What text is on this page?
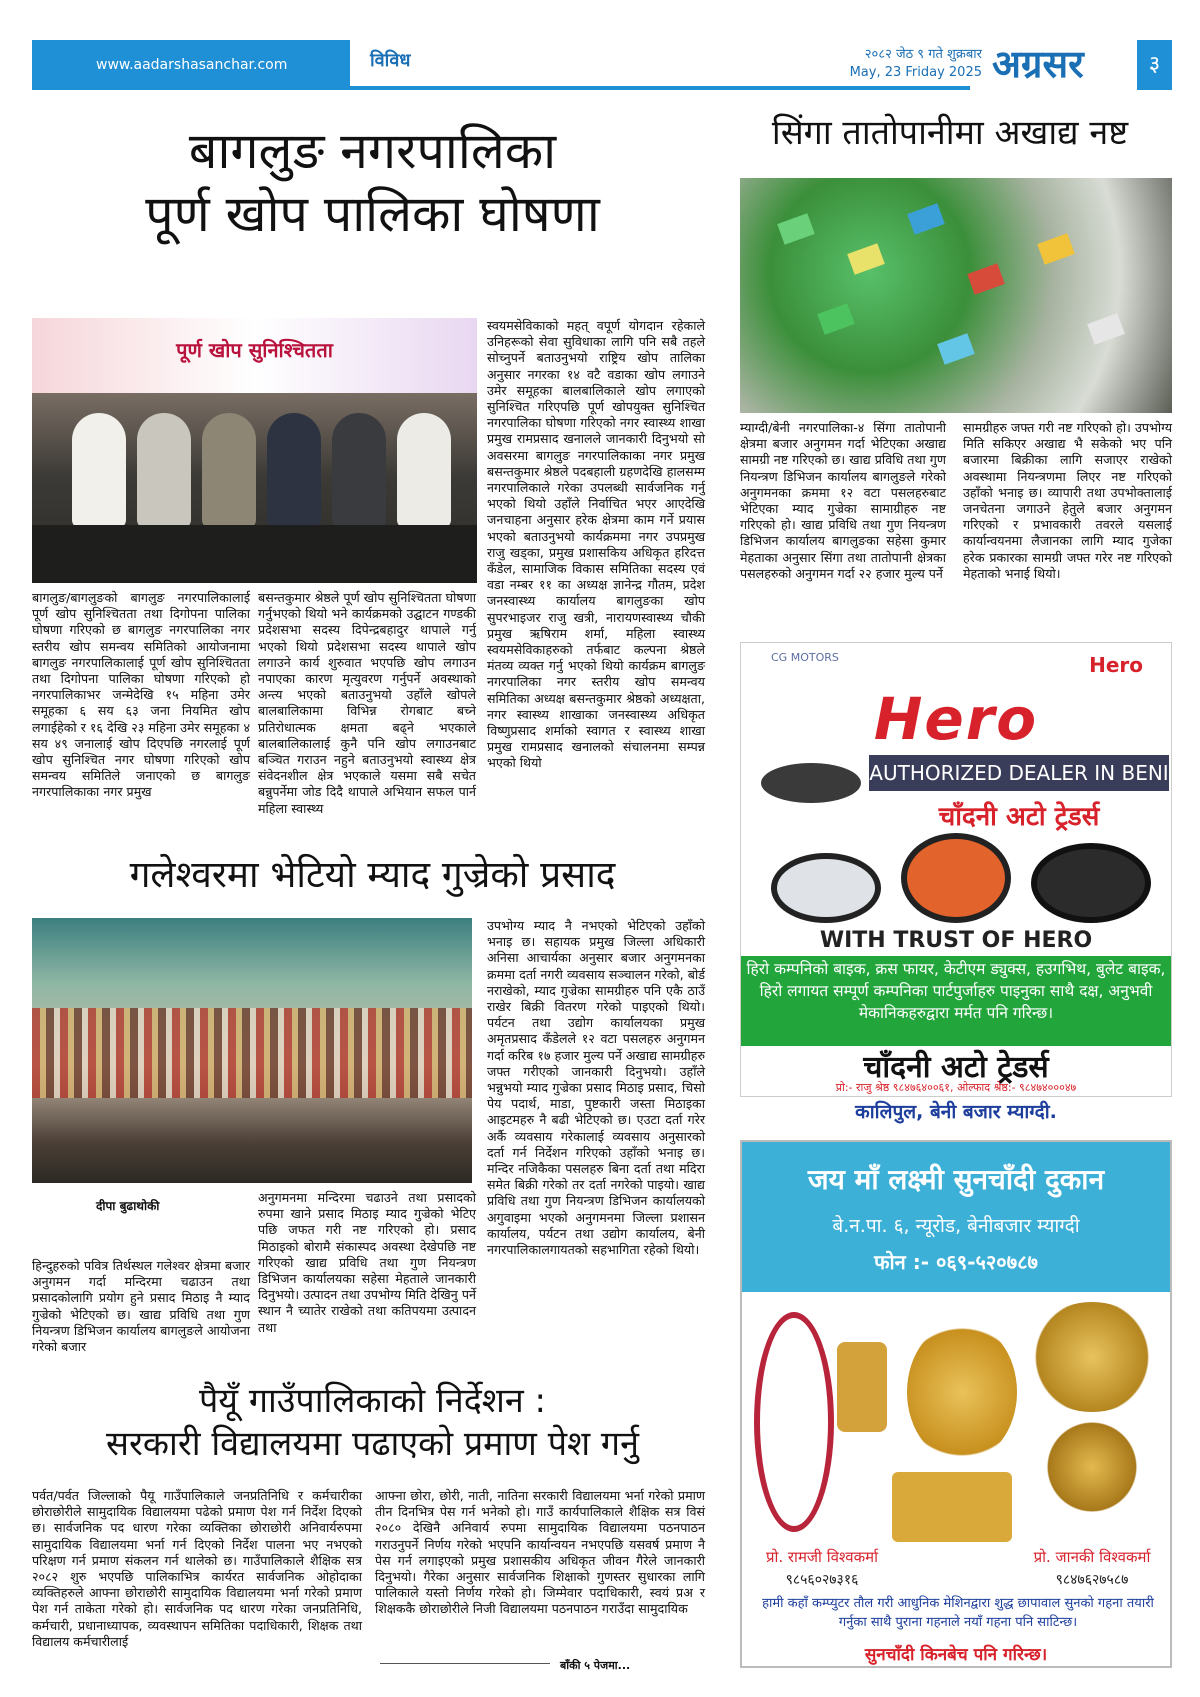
www.aadarshasanchar.com	विविध	२०८२ जेठ ९ गते शुक्रबार
May, 23 Friday 2025 अग्रसर	३
बागलुङ नगरपालिका
पूर्ण खोप पालिका घोषणा
पूर्ण खोप सुनिश्चितता
बागलुङ/बागलुङको बागलुङ नगरपालिकालाई पूर्ण खोप सुनिश्चितता तथा दिगोपना पालिका घोषणा गरिएको छ बागलुङ नगरपालिका नगर स्तरीय खोप समन्वय समितिको आयोजनामा बागलुङ नगरपालिकालाई पूर्ण खोप सुनिश्चितता तथा दिगोपना पालिका घोषणा गरिएको हो नगरपालिकाभर जन्मेदेखि १५ महिना उमेर समूहका ६ सय ६३ जना नियमित खोप लगाईहेको र १६ देखि २३ महिना उमेर समूहका ४ सय ४९ जनालाई खोप दिएपछि नगरलाई पूर्ण खोप सुनिश्चित नगर घोषणा गरिएको खोप समन्वय समितिले जनाएको छ बागलुङ नगरपालिकाका नगर प्रमुख
बसन्तकुमार श्रेष्ठले पूर्ण खोप सुनिश्चितता घोषणा गर्नुभएको थियो भने कार्यक्रमको उद्घाटन गण्डकी प्रदेशसभा सदस्य दिपेन्द्रबहादुर थापाले गर्नु भएको थियो प्रदेशसभा सदस्य थापाले खोप लगाउने कार्य शुरुवात भएपछि खोप लगाउन नपाएका कारण मृत्युवरण गर्नुपर्ने अवस्थाको अन्त्य भएको बताउनुभयो उहाँले खोपले बालबालिकामा विभिन्न रोगबाट बच्ने प्रतिरोधात्मक क्षमता बढ्ने भएकाले बालबालिकालाई कुनै पनि खोप लगाउनबाट बञ्चित गराउन नहुने बताउनुभयो स्वास्थ्य क्षेत्र संवेदनशील क्षेत्र भएकाले यसमा सबै सचेत बन्नुपर्नेमा जोड दिदै थापाले अभियान सफल पार्न महिला स्वास्थ्य
स्वयमसेविकाको महत् वपूर्ण योगदान रहेकाले उनिहरूको सेवा सुविधाका लागि पनि सबै तहले सोच्नुपर्ने बताउनुभयो राष्ट्रिय खोप तालिका अनुसार नगरका १४ वटै वडाका खोप लगाउने उमेर समूहका बालबालिकाले खोप लगाएको सुनिश्चित गरिएपछि पूर्ण खोपयुक्त सुनिश्चित नगरपालिका घोषणा गरिएको नगर स्वास्थ्य शाखा प्रमुख रामप्रसाद खनालले जानकारी दिनुभयो सो अवसरमा बागलुङ नगरपालिकाका नगर प्रमुख बसन्तकुमार श्रेष्ठले पदबहाली ग्रहणदेखि हालसम्म नगरपालिकाले गरेका उपलब्धी सार्वजनिक गर्नु भएको थियो उहाँले निर्वाचित भएर आएदेखि जनचाहना अनुसार हरेक क्षेत्रमा काम गर्ने प्रयास भएको बताउनुभयो कार्यक्रममा नगर उपप्रमुख राजु खड्का, प्रमुख प्रशासकिय अधिकृत हरिदत्त कँडेल, सामाजिक विकास समितिका सदस्य एवं वडा नम्बर ११ का अध्यक्ष ज्ञानेन्द्र गौतम, प्रदेश जनस्वास्थ्य कार्यालय बागलुङका खोप सुपरभाइजर राजु खत्री, नारायणस्वास्थ्य चौकी प्रमुख ऋषिराम शर्मा, महिला स्वास्थ्य स्वयमसेविकाहरुको तर्फबाट कल्पना श्रेष्ठले मंतव्य व्यक्त गर्नु भएको थियो कार्यक्रम बागलुङ नगरपालिका नगर स्तरीय खोप समन्वय समितिका अध्यक्ष बसन्तकुमार श्रेष्ठको अध्यक्षता, नगर स्वास्थ्य शाखाका जनस्वास्थ्य अधिकृत विष्णुप्रसाद शर्माको स्वागत र स्वास्थ्य शाखा प्रमुख रामप्रसाद खनालको संचालनमा सम्पन्न भएको थियो
सिंगा तातोपानीमा अखाद्य नष्ट
म्याग्दी/बेनी नगरपालिका-४ सिंगा तातोपानी क्षेत्रमा बजार अनुगमन गर्दा भेटिएका अखाद्य सामग्री नष्ट गरिएको छ। खाद्य प्रविधि तथा गुण नियन्त्रण डिभिजन कार्यालय बागलुङले गरेको अनुगमनका क्रममा १२ वटा पसलहरुबाट भेटिएका म्याद गुज्रेका सामाग्रीहरु नष्ट गरिएको हो। खाद्य प्रविधि तथा गुण नियन्त्रण डिभिजन कार्यालय बागलुङका सहेसा कुमार मेहताका अनुसार सिंगा तथा तातोपानी क्षेत्रका पसलहरुको अनुगमन गर्दा २२ हजार मुल्य पर्ने
सामग्रीहरु जफ्त गरी नष्ट गरिएको हो। उपभोग्य मिति सकिएर अखाद्य भै सकेको भए पनि बजारमा बिक्रीका लागि सजाएर राखेको अवस्थामा नियन्त्रणमा लिएर नष्ट गरिएको उहाँको भनाइ छ। व्यापारी तथा उपभोक्तालाई जनचेतना जगाउने हेतुले बजार अनुगमन गरिएको र प्रभावकारी तवरले यसलाई कार्यान्वयनमा लैजानका लागि म्याद गुजेका हरेक प्रकारका सामग्री जफ्त गरेर नष्ट गरिएको मेहताको भनाई थियो।
गलेश्वरमा भेटियो म्याद गुज्रेको प्रसाद
दीपा बुढाथोकी
हिन्दुहरुको पवित्र तिर्थस्थल गलेश्वर क्षेत्रमा बजार अनुगमन गर्दा मन्दिरमा चढाउन तथा प्रसादकोलागि प्रयोग हुने प्रसाद मिठाइ नै म्याद गुज्रेको भेटिएको छ। खाद्य प्रविधि तथा गुण नियन्त्रण डिभिजन कार्यालय बागलुङले आयोजना गरेको बजार
अनुगमनमा मन्दिरमा चढाउने तथा प्रसादको रुपमा खाने प्रसाद मिठाइ म्याद गुज्रेको भेटिए पछि जफत गरी नष्ट गरिएको हो। प्रसाद मिठाइको बोरामै संकास्पद अवस्था देखेपछि नष्ट गरिएको खाद्य प्रविधि तथा गुण नियन्त्रण डिभिजन कार्यालयका सहेसा मेहताले जानकारी दिनुभयो। उत्पादन तथा उपभोग्य मिति देखिनु पर्ने स्थान नै च्यातेर राखेको तथा कतिपयमा उत्पादन तथा
उपभोग्य म्याद नै नभएको भेटिएको उहाँको भनाइ छ। सहायक प्रमुख जिल्ला अधिकारी अनिसा आचार्यका अनुसार बजार अनुगमनका क्रममा दर्ता नगरी व्यवसाय सञ्चालन गरेको, बोर्ड नराखेको, म्याद गुज्रेका सामग्रीहरु पनि एकै ठाउँ राखेर बिक्री वितरण गरेको पाइएको थियो। पर्यटन तथा उद्योग कार्यालयका प्रमुख अमृतप्रसाद कँडेलले १२ वटा पसलहरु अनुगमन गर्दा करिब १७ हजार मुल्य पर्ने अखाद्य सामग्रीहरु जफ्त गरीएको जानकारी दिनुभयो। उहाँले भन्नुभयो म्याद गुज्रेका प्रसाद मिठाइ प्रसाद, चिसो पेय पदार्थ, माडा, पुष्टकारी जस्ता मिठाइका आइटमहरु नै बढी भेटिएको छ। एउटा दर्ता गरेर अर्कै व्यवसाय गरेकालाई व्यवसाय अनुसारको दर्ता गर्न निर्देशन गरिएको उहाँको भनाइ छ। मन्दिर नजिकैका पसलहरु बिना दर्ता तथा मदिरा समेत बिक्री गरेको तर दर्ता नगरेको पाइयो। खाद्य प्रविधि तथा गुण नियन्त्रण डिभिजन कार्यालयको अगुवाइमा भएको अनुगमनमा जिल्ला प्रशासन कार्यालय, पर्यटन तथा उद्योग कार्यालय, बेनी नगरपालिकालगायतको सहभागिता रहेको थियो।
पैयूँ गाउँपालिकाको निर्देशन :
सरकारी विद्यालयमा पढाएको प्रमाण पेश गर्नु
पर्वत/पर्वत जिल्लाको पैयू गाउँपालिकाले जनप्रतिनिधि र कर्मचारीका छोराछोरीले सामुदायिक विद्यालयमा पढेको प्रमाण पेश गर्न निर्देश दिएको छ। सार्वजनिक पद धारण गरेका व्यक्तिका छोराछोरी अनिवार्यरुपमा सामुदायिक विद्यालयमा भर्ना गर्न दिएको निर्देश पालना भए नभएको परिक्षण गर्न प्रमाण संकलन गर्न थालेको छ। गाउँपालिकाले शैक्षिक सत्र २०८२ शुरु भएपछि पालिकाभित्र कार्यरत सार्वजनिक ओहोदाका व्यक्तिहरुले आफ्ना छोराछोरी सामुदायिक विद्यालयमा भर्ना गरेको प्रमाण पेश गर्न ताकेता गरेको हो। सार्वजनिक पद धारण गरेका जनप्रतिनिधि, कर्मचारी, प्रधानाध्यापक, व्यवस्थापन समितिका पदाधिकारी, शिक्षक तथा विद्यालय कर्मचारीलाई
आफ्ना छोरा, छोरी, नाती, नातिना सरकारी विद्यालयमा भर्ना गरेको प्रमाण तीन दिनभित्र पेस गर्न भनेको हो। गाउँ कार्यपालिकाले शैक्षिक सत्र विसं २०८० देखिनै अनिवार्य रुपमा सामुदायिक विद्यालयमा पठनपाठन गराउनुपर्ने निर्णय गरेको भएपनि कार्यान्वयन नभएपछि यसवर्ष प्रमाण नै पेस गर्न लगाइएको प्रमुख प्रशासकीय अधिकृत जीवन गैरेले जानकारी दिनुभयो। गैरेका अनुसार सार्वजनिक शिक्षाको गुणस्तर सुधारका लागि पालिकाले यस्तो निर्णय गरेको हो। जिम्मेवार पदाधिकारी, स्वयं प्रअ र शिक्षककै छोराछोरीले निजी विद्यालयमा पठनपाठन गराउँदा सामुदायिक
बाँकी ५ पेजमा...
CG MOTORS	Hero
Hero
AUTHORIZED DEALER IN BENI
चाँदनी अटो ट्रेडर्स
WITH TRUST OF HERO
हिरो कम्पनिको बाइक, क्रस फायर, केटीएम ड्युक्स, हउगभिथ, बुलेट बाइक, हिरो लगायत सम्पूर्ण कम्पनिका पार्टपुर्जाहरु पाइनुका साथै दक्ष, अनुभवी मेकानिकहरुद्वारा मर्मत पनि गरिन्छ।
चाँदनी अटो ट्रेडर्स
प्रो:- राजु श्रेष्ठ ९८४७६४००६१, ओल्फाद श्रेष्ठ:- ९८४७४०००४७
कालिपुल, बेनी बजार म्याग्दी.
जय माँ लक्ष्मी सुनचाँदी दुकान
बे.न.पा. ६, न्यूरोड, बेनीबजार म्याग्दी
फोन :- ०६९-५२०७८७
प्रो. रामजी विश्वकर्मा
९८५६०२७३१६
प्रो. जानकी विश्वकर्मा
९८४७६२७५८७
हामी कहाँ कम्प्युटर तौल गरी आधुनिक मेशिनद्वारा शुद्ध छापावाल सुनको गहना तयारी गर्नुका साथै पुराना गहनाले नयाँ गहना पनि साटिन्छ।
सुनचाँदी किनबेच पनि गरिन्छ।
